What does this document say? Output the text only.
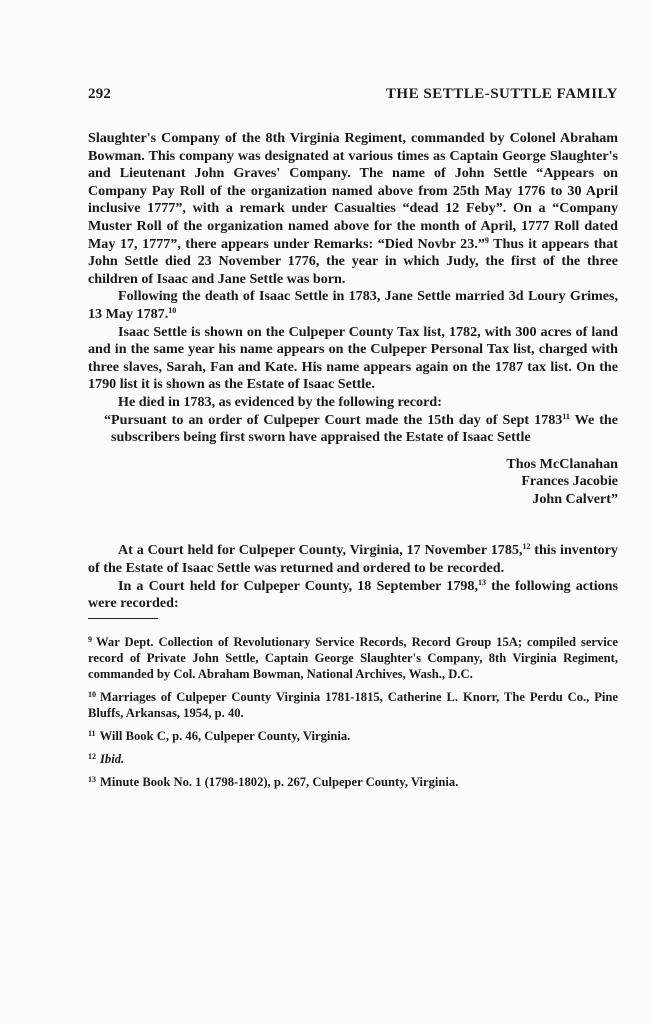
292	THE SETTLE-SUTTLE FAMILY

Slaughter's Company of the 8th Virginia Regiment, commanded by Colonel Abraham Bowman. This company was designated at various times as Captain George Slaughter's and Lieutenant John Graves' Company. The name of John Settle “Appears on Company Pay Roll of the organization named above from 25th May 1776 to 30 April inclusive 1777”, with a remark under Casualties “dead 12 Feby”. On a “Company Muster Roll of the organization named above for the month of April, 1777 Roll dated May 17, 1777”, there appears under Remarks: “Died Novbr 23.”$^9$ Thus it appears that John Settle died 23 November 1776, the year in which Judy, the first of the three children of Isaac and Jane Settle was born.

Following the death of Isaac Settle in 1783, Jane Settle married 3d Loury Grimes, 13 May 1787.10

Isaac Settle is shown on the Culpeper County Tax list, 1782, with 300 acres of land and in the same year his name appears on the Culpeper Personal Tax list, charged with three slaves, Sarah, Fan and Kate. His name appears again on the 1787 tax list. On the 1790 list it is shown as the Estate of Isaac Settle.

He died in 1783, as evidenced by the following record:

“Pursuant to an order of Culpeper Court made the 15th day of Sept 1783$^{11}$ We the subscribers being first sworn have appraised the Estate of Isaac Settle

Thos McClanahan
Frances Jacobie
John Calvert”

At a Court held for Culpeper County, Virginia, 17 November 1785,12 this inventory of the Estate of Isaac Settle was returned and ordered to be recorded.

In a Court held for Culpeper County, 18 September 1798,13 the following actions were recorded:

$^9$ War Dept. Collection of Revolutionary Service Records, Record Group 15A; compiled service record of Private John Settle, Captain George Slaughter's Company, 8th Virginia Regiment, commanded by Col. Abraham Bowman, National Archives, Wash., D.C.

$^{10}$ Marriages of Culpeper County Virginia 1781-1815, Catherine L. Knorr, The Perdu Co., Pine Bluffs, Arkansas, 1954, p. 40.

$^{11}$ Will Book C, p. 46, Culpeper County, Virginia.

$^{12}$ Ibid.

$^{13}$ Minute Book No. 1 (1798-1802), p. 267, Culpeper County, Virginia.
